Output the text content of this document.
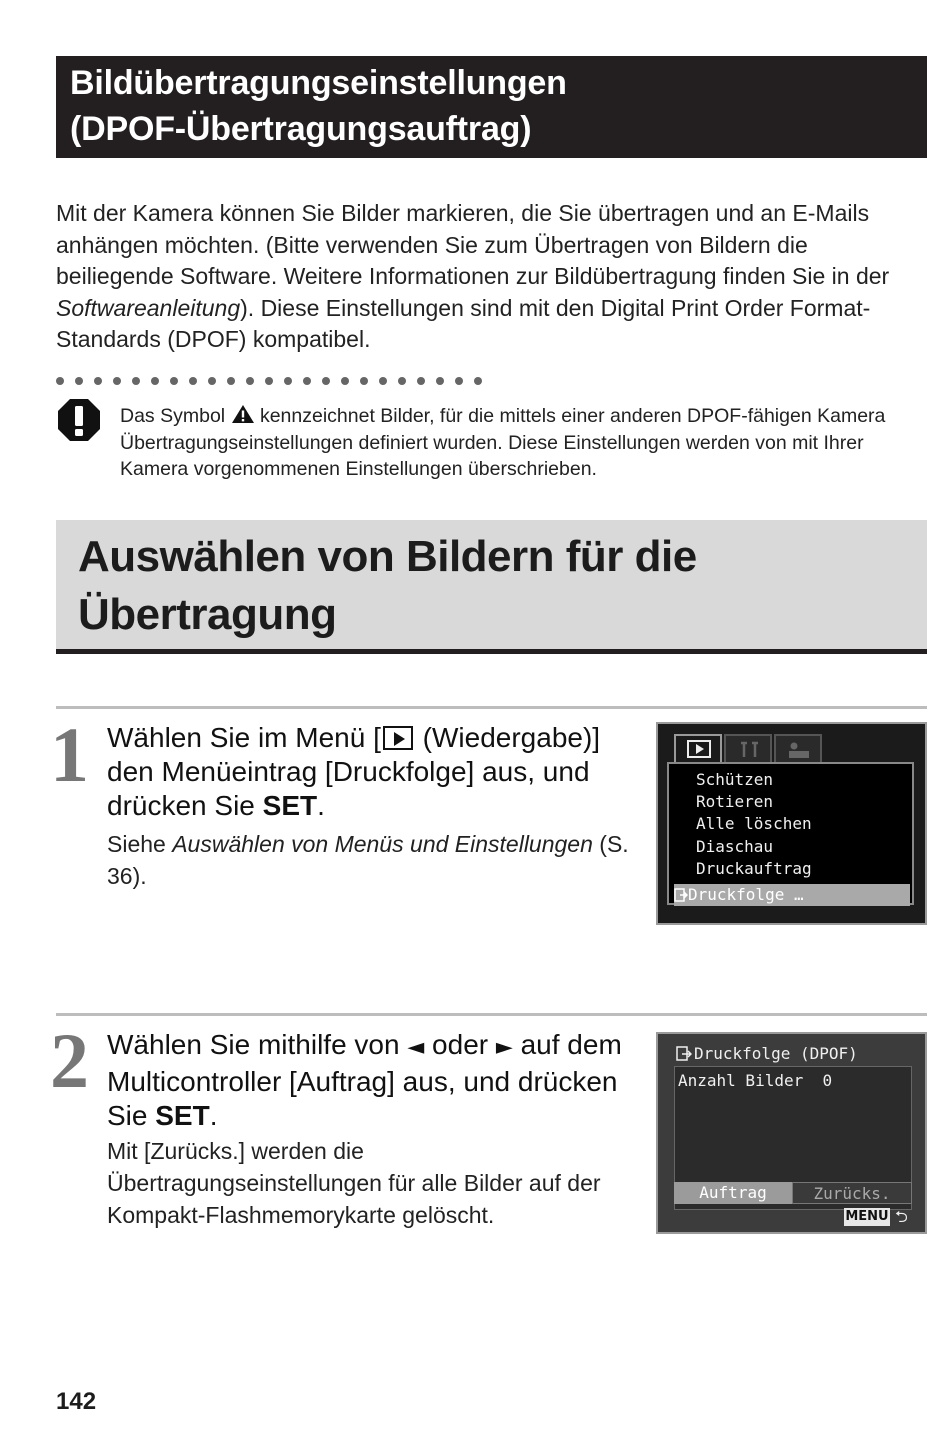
Bildübertragungseinstellungen
(DPOF-Übertragungsauftrag)

Mit der Kamera können Sie Bilder markieren, die Sie übertragen und an E-Mails anhängen möchten. (Bitte verwenden Sie zum Übertragen von Bildern die beiliegende Software. Weitere Informationen zur Bildübertragung finden Sie in der Softwareanleitung). Diese Einstellungen sind mit den Digital Print Order Format-Standards (DPOF) kompatibel.

Das Symbol  kennzeichnet Bilder, für die mittels einer anderen DPOF-fähigen Kamera Übertragungseinstellungen definiert wurden. Diese Einstellungen werden von mit Ihrer Kamera vorgenommenen Einstellungen überschrieben.

Auswählen von Bildern für die
Übertragung
1 Wählen Sie im Menü [ (Wiedergabe)] den Menüeintrag [Druckfolge] aus, und drücken Sie SET.

Siehe Auswählen von Menüs und Einstellungen (S. 36).

Schützen
Rotieren
Alle löschen
Diaschau
Druckauftrag
Druckfolge …
2 Wählen Sie mithilfe von ◄ oder ► auf dem Multicontroller [Auftrag] aus, und drücken Sie SET.

Mit [Zurücks.] werden die Übertragungseinstellungen für alle Bilder auf der Kompakt-Flashmemorykarte gelöscht.

Druckfolge (DPOF)
Anzahl Bilder 0
Auftrag	Zurücks.
MENU ⮌
142
